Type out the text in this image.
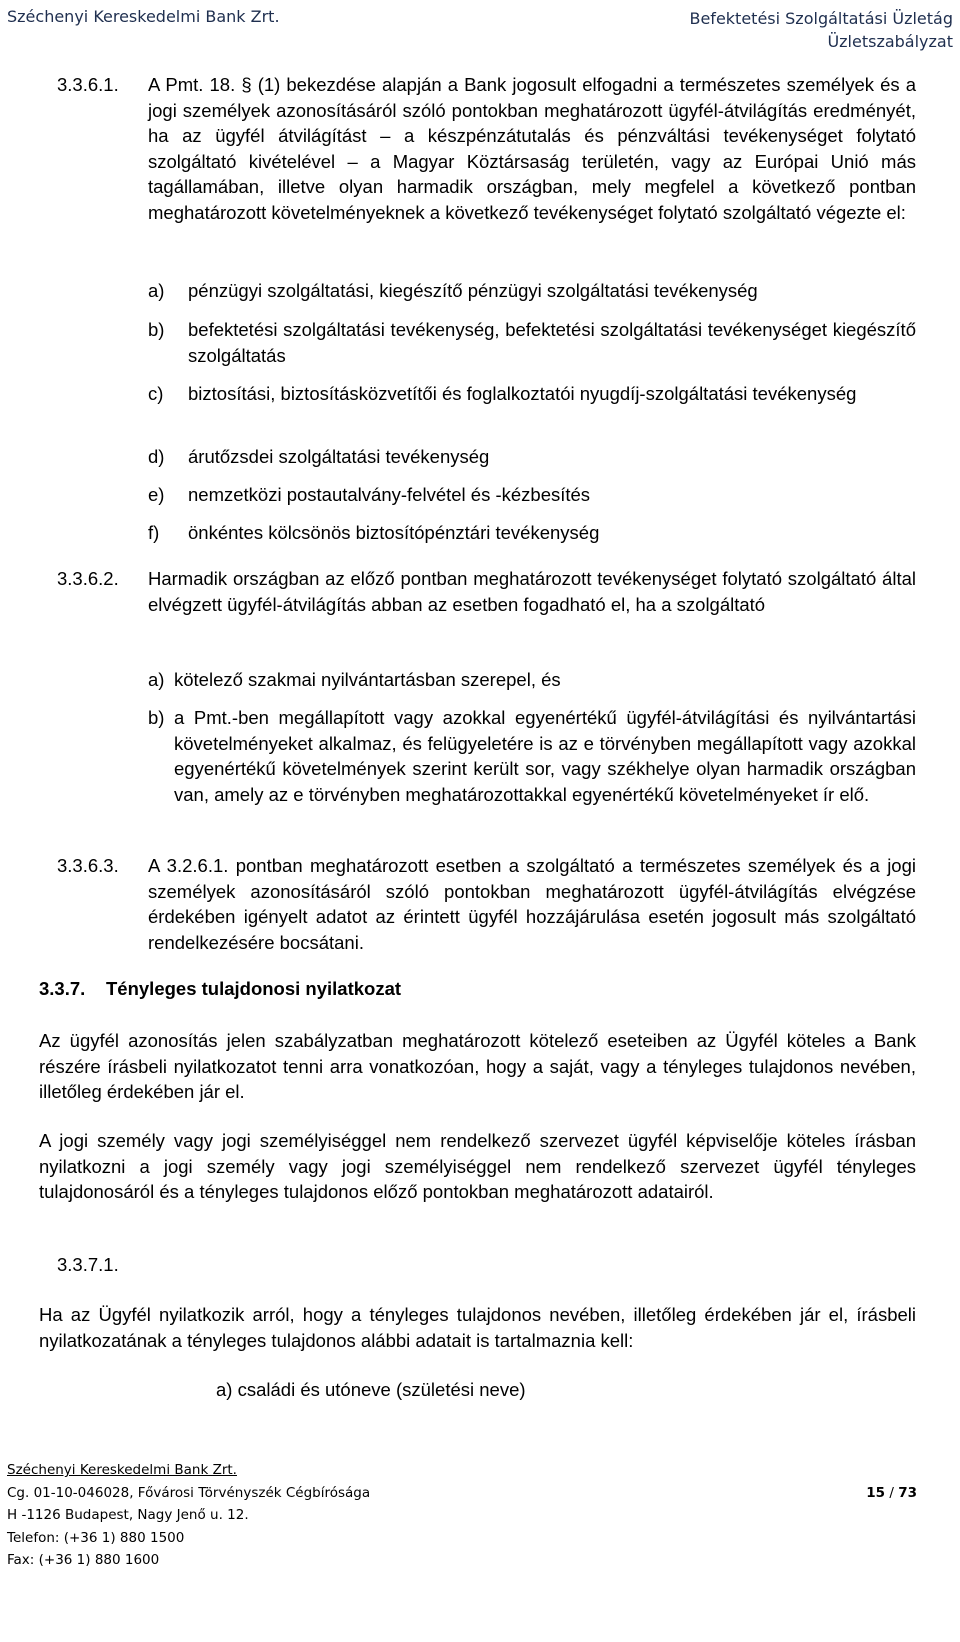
Széchenyi Kereskedelmi Bank Zrt.	Befektetési Szolgáltatási Üzletág
Üzletszabályzat
3.3.6.1. A Pmt. 18. § (1) bekezdése alapján a Bank jogosult elfogadni a természetes személyek és a jogi személyek azonosításáról szóló pontokban meghatározott ügyfél-átvilágítás eredményét, ha az ügyfél átvilágítást – a készpénzátutalás és pénzváltási tevékenységet folytató szolgáltató kivételével – a Magyar Köztársaság területén, vagy az Európai Unió más tagállamában, illetve olyan harmadik országban, mely megfelel a következő pontban meghatározott követelményeknek a következő tevékenységet folytató szolgáltató végezte el:
a) pénzügyi szolgáltatási, kiegészítő pénzügyi szolgáltatási tevékenység
b) befektetési szolgáltatási tevékenység, befektetési szolgáltatási tevékenységet kiegészítő szolgáltatás
c) biztosítási, biztosításközvetítői és foglalkoztatói nyugdíj-szolgáltatási tevékenység
d) árutőzsdei szolgáltatási tevékenység
e) nemzetközi postautalvány-felvétel és -kézbesítés
f) önkéntes kölcsönös biztosítópénztári tevékenység
3.3.6.2. Harmadik országban az előző pontban meghatározott tevékenységet folytató szolgáltató által elvégzett ügyfél-átvilágítás abban az esetben fogadható el, ha a szolgáltató
a) kötelező szakmai nyilvántartásban szerepel, és
b) a Pmt.-ben megállapított vagy azokkal egyenértékű ügyfél-átvilágítási és nyilvántartási követelményeket alkalmaz, és felügyeletére is az e törvényben megállapított vagy azokkal egyenértékű követelmények szerint került sor, vagy székhelye olyan harmadik országban van, amely az e törvényben meghatározottakkal egyenértékű követelményeket ír elő.
3.3.6.3. A 3.2.6.1. pontban meghatározott esetben a szolgáltató a természetes személyek és a jogi személyek azonosításáról szóló pontokban meghatározott ügyfél-átvilágítás elvégzése érdekében igényelt adatot az érintett ügyfél hozzájárulása esetén jogosult más szolgáltató rendelkezésére bocsátani.
3.3.7. Tényleges tulajdonosi nyilatkozat
Az ügyfél azonosítás jelen szabályzatban meghatározott kötelező eseteiben az Ügyfél köteles a Bank részére írásbeli nyilatkozatot tenni arra vonatkozóan, hogy a saját, vagy a tényleges tulajdonos nevében, illetőleg érdekében jár el.
A jogi személy vagy jogi személyiséggel nem rendelkező szervezet ügyfél képviselője köteles írásban nyilatkozni a jogi személy vagy jogi személyiséggel nem rendelkező szervezet ügyfél tényleges tulajdonosáról és a tényleges tulajdonos előző pontokban meghatározott adatairól.
3.3.7.1.
Ha az Ügyfél nyilatkozik arról, hogy a tényleges tulajdonos nevében, illetőleg érdekében jár el, írásbeli nyilatkozatának a tényleges tulajdonos alábbi adatait is tartalmaznia kell:
a) családi és utóneve (születési neve)
Széchenyi Kereskedelmi Bank Zrt.
Cg. 01-10-046028, Fővárosi Törvényszék Cégbírósága
H -1126 Budapest, Nagy Jenő u. 12.
Telefon: (+36 1) 880 1500
Fax: (+36 1) 880 1600
15 / 73
